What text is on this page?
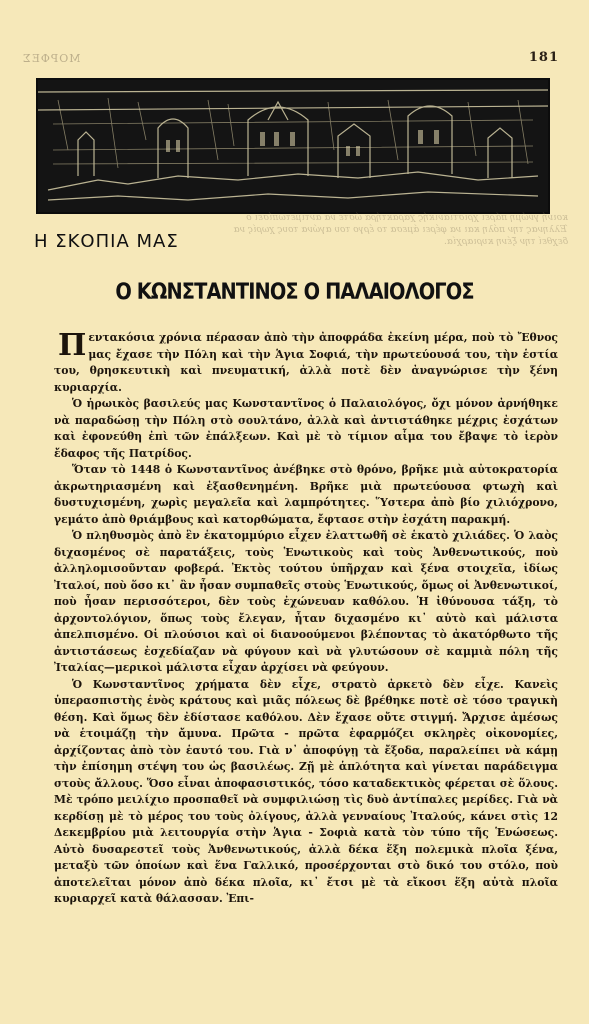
ΜΟΡΦΕΣ	181
κοινή γνώμη πάρει χριστιανικής χαρακτήρα ώστε να αντιμετωπίσει ο Έλληνας την πόλη και να φέρει άμεσα το έργο του αγώνα τους χωρίς να δεχθεί την ξένη κυριαρχία.
Η ΣΚΟΠΙΑ ΜΑΣ
Ο ΚΩΝΣΤΑΝΤΙΝΟΣ Ο ΠΑΛΑΙΟΛΟΓΟΣ

Πεντακόσια χρόνια πέρασαν ἀπὸ τὴν ἀποφράδα ἐκείνη μέρα, ποὺ τὸ Ἔθνος μας ἔχασε τὴν Πόλη καὶ τὴν Ἁγια Σοφιά, τὴν πρωτεύουσά του, τὴν ἑστία του, θρησκευτικὴ καὶ πνευματική, ἀλλὰ ποτὲ δὲν ἀναγνώρισε τὴν ξένη κυριαρχία.

Ὁ ἡρωικὸς βασιλεύς μας Κωνσταντῖνος ὁ Παλαιολόγος, ὄχι μόνον ἀρνήθηκε νὰ παραδώσῃ τὴν Πόλη στὸ σουλτάνο, ἀλλὰ καὶ ἀντιστάθηκε μέχρις ἐσχάτων καὶ ἐφονεύθη ἐπὶ τῶν ἐπάλξεων. Καὶ μὲ τὸ τίμιον αἷμα του ἔβαψε τὸ ἱερὸν ἔδαφος τῆς Πατρίδος.

Ὅταν τὸ 1448 ὁ Κωνσταντῖνος ἀνέβηκε στὸ θρόνο, βρῆκε μιὰ αὐτοκρατορία ἀκρωτηριασμένη καὶ ἐξασθενημένη. Βρῆκε μιὰ πρωτεύουσα φτωχὴ καὶ δυστυχισμένη, χωρὶς μεγαλεῖα καὶ λαμπρότητες. Ὕστερα ἀπὸ βίο χιλιόχρονο, γεμάτο ἀπὸ θριάμβους καὶ κατορθώματα, ἔφτασε στὴν ἐσχάτη παρακμή.

Ὁ πληθυσμὸς ἀπὸ ἓν ἑκατομμύριο εἶχεν ἐλαττωθῆ σὲ ἑκατὸ χιλιάδες. Ὁ λαὸς διχασμένος σὲ παρατάξεις, τοὺς Ἑνωτικοὺς καὶ τοὺς Ἀνθενωτικούς, ποὺ ἀλληλομισοῦνταν φοβερά. Ἐκτὸς τούτου ὑπῆρχαν καὶ ξένα στοιχεῖα, ἰδίως Ἰταλοί, ποὺ ὅσο κι᾽ ἂν ἦσαν συμπαθεῖς στοὺς Ἑνωτικούς, ὅμως οἱ Ἀνθενωτικοί, ποὺ ἦσαν περισσότεροι, δὲν τοὺς ἐχώνευαν καθόλου. Ἡ ἰθύνουσα τάξη, τὸ ἀρχοντολόγιον, ὅπως τοὺς ἔλεγαν, ἦταν διχασμένο κι᾽ αὐτὸ καὶ μάλιστα ἀπελπισμένο. Οἱ πλούσιοι καὶ οἱ διανοούμενοι βλέποντας τὸ ἀκατόρθωτο τῆς ἀντιστάσεως ἐσχεδίαζαν νὰ φύγουν καὶ νὰ γλυτώσουν σὲ καμμιὰ πόλη τῆς Ἰταλίας—μερικοὶ μάλιστα εἶχαν ἀρχίσει νὰ φεύγουν.

Ὁ Κωνσταντῖνος χρήματα δὲν εἶχε, στρατὸ ἀρκετὸ δὲν εἶχε. Κανεὶς ὑπερασπιστὴς ἑνὸς κράτους καὶ μιᾶς πόλεως δὲ βρέθηκε ποτὲ σὲ τόσο τραγικὴ θέση. Καὶ ὅμως δὲν ἐδίστασε καθόλου. Δὲν ἔχασε οὔτε στιγμή. Ἄρχισε ἀμέσως νὰ ἑτοιμάζῃ τὴν ἄμυνα. Πρῶτα - πρῶτα ἐφαρμόζει σκληρὲς οἰκονομίες, ἀρχίζοντας ἀπὸ τὸν ἑαυτό του. Γιὰ ν᾽ ἀποφύγῃ τὰ ἔξοδα, παραλείπει νὰ κάμῃ τὴν ἐπίσημη στέψη του ὡς βασιλέως. Ζῇ μὲ ἁπλότητα καὶ γίνεται παράδειγμα στοὺς ἄλλους. Ὅσο εἶναι ἀποφασιστικός, τόσο καταδεκτικὸς φέρεται σὲ ὅλους. Μὲ τρόπο μειλίχιο προσπαθεῖ νὰ συμφιλιώσῃ τὶς δυὸ ἀντίπαλες μερίδες. Γιὰ νὰ κερδίσῃ μὲ τὸ μέρος του τοὺς ὀλίγους, ἀλλὰ γενναίους Ἰταλούς, κάνει στὶς 12 Δεκεμβρίου μιὰ λειτουργία στὴν Ἁγια - Σοφιὰ κατὰ τὸν τύπο τῆς Ἑνώσεως. Αὐτὸ δυσαρεστεῖ τοὺς Ἀνθενωτικούς, ἀλλὰ δέκα ἕξη πολεμικὰ πλοῖα ξένα, μεταξὺ τῶν ὁποίων καὶ ἕνα Γαλλικό, προσέρχονται στὸ δικό του στόλο, ποὺ ἀποτελεῖται μόνον ἀπὸ δέκα πλοῖα, κι᾽ ἔτσι μὲ τὰ εἴκοσι ἕξη αὐτὰ πλοῖα κυριαρχεῖ κατὰ θάλασσαν. Ἐπι-
